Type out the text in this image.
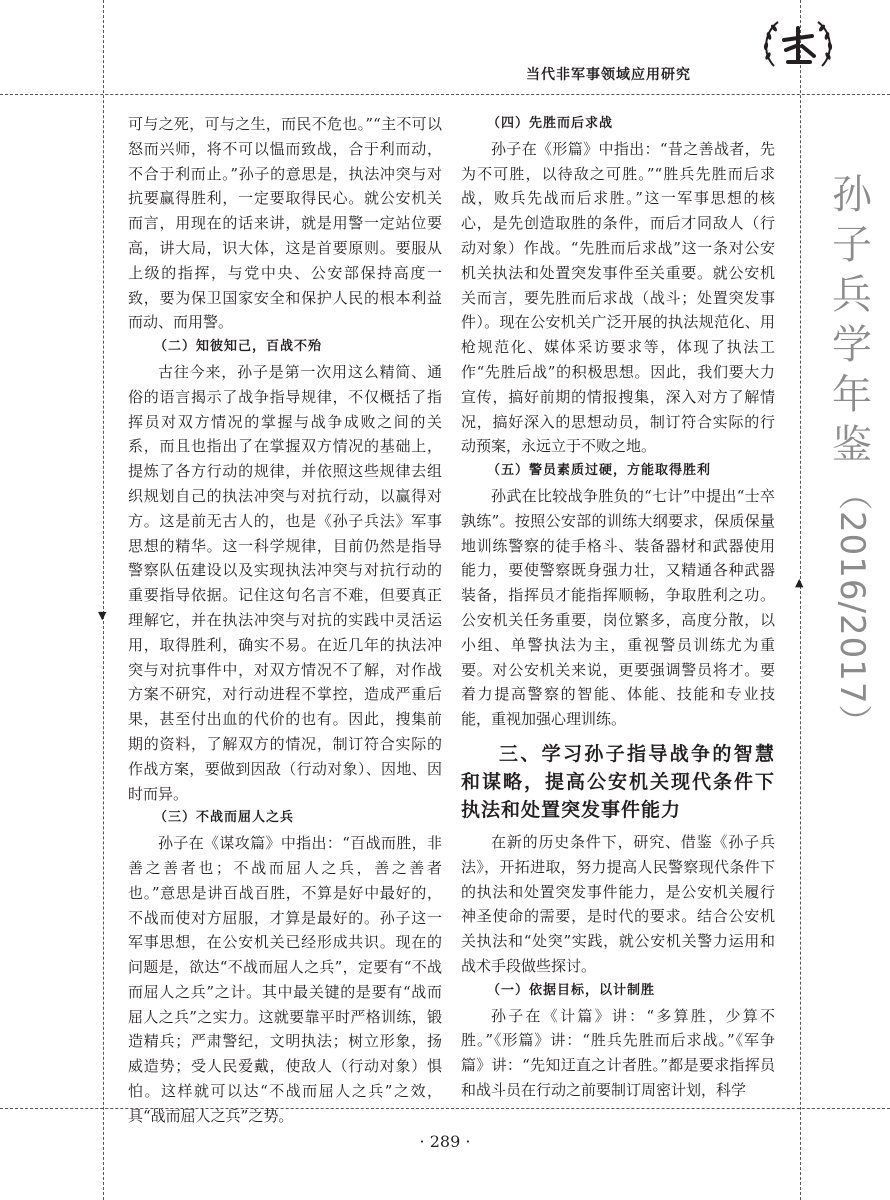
▼
▲
当代非军事领域应用研究

可与之死，可与之生，而民不危也。”“主不可以怒而兴师，将不可以愠而致战，合于利而动，不合于利而止。”孙子的意思是，执法冲突与对抗要赢得胜利，一定要取得民心。就公安机关而言，用现在的话来讲，就是用警一定站位要高，讲大局，识大体，这是首要原则。要服从上级的指挥，与党中央、公安部保持高度一致，要为保卫国家安全和保护人民的根本利益而动、而用警。

（二）知彼知己，百战不殆

古往今来，孙子是第一次用这么精简、通俗的语言揭示了战争指导规律，不仅概括了指挥员对双方情况的掌握与战争成败之间的关系，而且也指出了在掌握双方情况的基础上，提炼了各方行动的规律，并依照这些规律去组织规划自己的执法冲突与对抗行动，以赢得对方。这是前无古人的，也是《孙子兵法》军事思想的精华。这一科学规律，目前仍然是指导警察队伍建设以及实现执法冲突与对抗行动的重要指导依据。记住这句名言不难，但要真正理解它，并在执法冲突与对抗的实践中灵活运用，取得胜利，确实不易。在近几年的执法冲突与对抗事件中，对双方情况不了解，对作战方案不研究，对行动进程不掌控，造成严重后果，甚至付出血的代价的也有。因此，搜集前期的资料，了解双方的情况，制订符合实际的作战方案，要做到因敌（行动对象）、因地、因时而异。

（三）不战而屈人之兵

孙子在《谋攻篇》中指出：“百战而胜，非善之善者也；不战而屈人之兵，善之善者也。”意思是讲百战百胜，不算是好中最好的，不战而使对方屈服，才算是最好的。孙子这一军事思想，在公安机关已经形成共识。现在的问题是，欲达“不战而屈人之兵”，定要有“不战而屈人之兵”之计。其中最关键的是要有“战而屈人之兵”之实力。这就要靠平时严格训练，锻造精兵；严肃警纪，文明执法；树立形象，扬威造势；受人民爱戴，使敌人（行动对象）惧怕。这样就可以达“不战而屈人之兵”之效，具“战而屈人之兵”之势。

（四）先胜而后求战

孙子在《形篇》中指出：“昔之善战者，先为不可胜，以待敌之可胜。”“胜兵先胜而后求战，败兵先战而后求胜。”这一军事思想的核心，是先创造取胜的条件，而后才同敌人（行动对象）作战。“先胜而后求战”这一条对公安机关执法和处置突发事件至关重要。就公安机关而言，要先胜而后求战（战斗；处置突发事件）。现在公安机关广泛开展的执法规范化、用枪规范化、媒体采访要求等，体现了执法工作“先胜后战”的积极思想。因此，我们要大力宣传，搞好前期的情报搜集，深入对方了解情况，搞好深入的思想动员，制订符合实际的行动预案，永远立于不败之地。

（五）警员素质过硬，方能取得胜利

孙武在比较战争胜负的“七计”中提出“士卒孰练”。按照公安部的训练大纲要求，保质保量地训练警察的徒手格斗、装备器材和武器使用能力，要使警察既身强力壮，又精通各种武器装备，指挥员才能指挥顺畅，争取胜利之功。公安机关任务重要，岗位繁多，高度分散，以小组、单警执法为主，重视警员训练尤为重要。对公安机关来说，更要强调警员将才。要着力提高警察的智能、体能、技能和专业技能，重视加强心理训练。

三、学习孙子指导战争的智慧和谋略，提高公安机关现代条件下执法和处置突发事件能力

在新的历史条件下，研究、借鉴《孙子兵法》，开拓进取，努力提高人民警察现代条件下的执法和处置突发事件能力，是公安机关履行神圣使命的需要，是时代的要求。结合公安机关执法和“处突”实践，就公安机关警力运用和战术手段做些探讨。

（一）依据目标，以计制胜

孙子在《计篇》讲：“多算胜，少算不胜。”《形篇》讲：“胜兵先胜而后求战。”《军争篇》讲：“先知迂直之计者胜。”都是要求指挥员和战斗员在行动之前要制订周密计划，科学

孙
子
兵
学
年
鉴
（2016/2017）
· 289 ·
